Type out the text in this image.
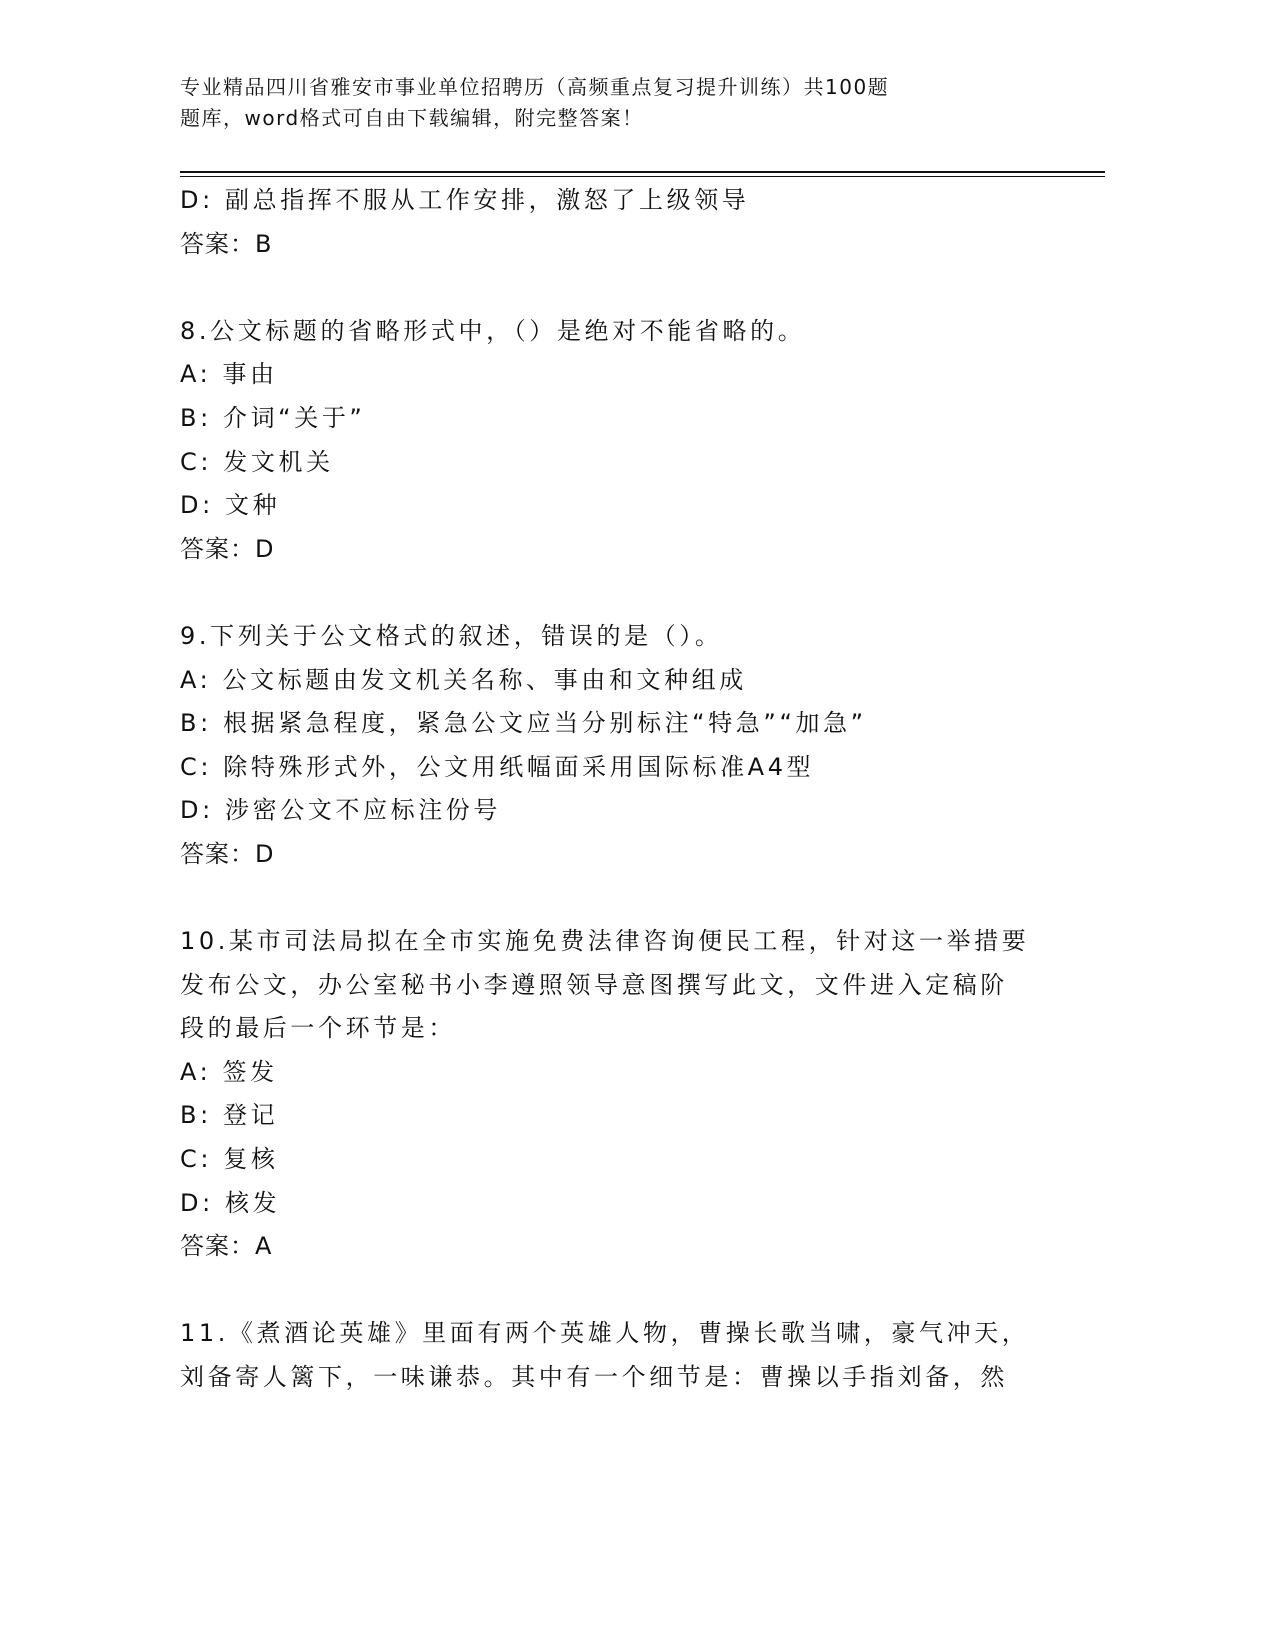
专业精品四川省雅安市事业单位招聘历（高频重点复习提升训练）共100题
题库，word格式可自由下载编辑，附完整答案！
D: 副总指挥不服从工作安排，激怒了上级领导
答案：B
8.公文标题的省略形式中，（）是绝对不能省略的。
A: 事由
B: 介词“关于”
C: 发文机关
D: 文种
答案：D
9.下列关于公文格式的叙述，错误的是（）。
A: 公文标题由发文机关名称、事由和文种组成
B: 根据紧急程度，紧急公文应当分别标注“特急”“加急”
C: 除特殊形式外，公文用纸幅面采用国际标准A4型
D: 涉密公文不应标注份号
答案：D
10.某市司法局拟在全市实施免费法律咨询便民工程，针对这一举措要
发布公文，办公室秘书小李遵照领导意图撰写此文，文件进入定稿阶
段的最后一个环节是：
A: 签发
B: 登记
C: 复核
D: 核发
答案：A
11.《煮酒论英雄》里面有两个英雄人物，曹操长歌当啸，豪气冲天，
刘备寄人篱下，一味谦恭。其中有一个细节是：曹操以手指刘备，然
